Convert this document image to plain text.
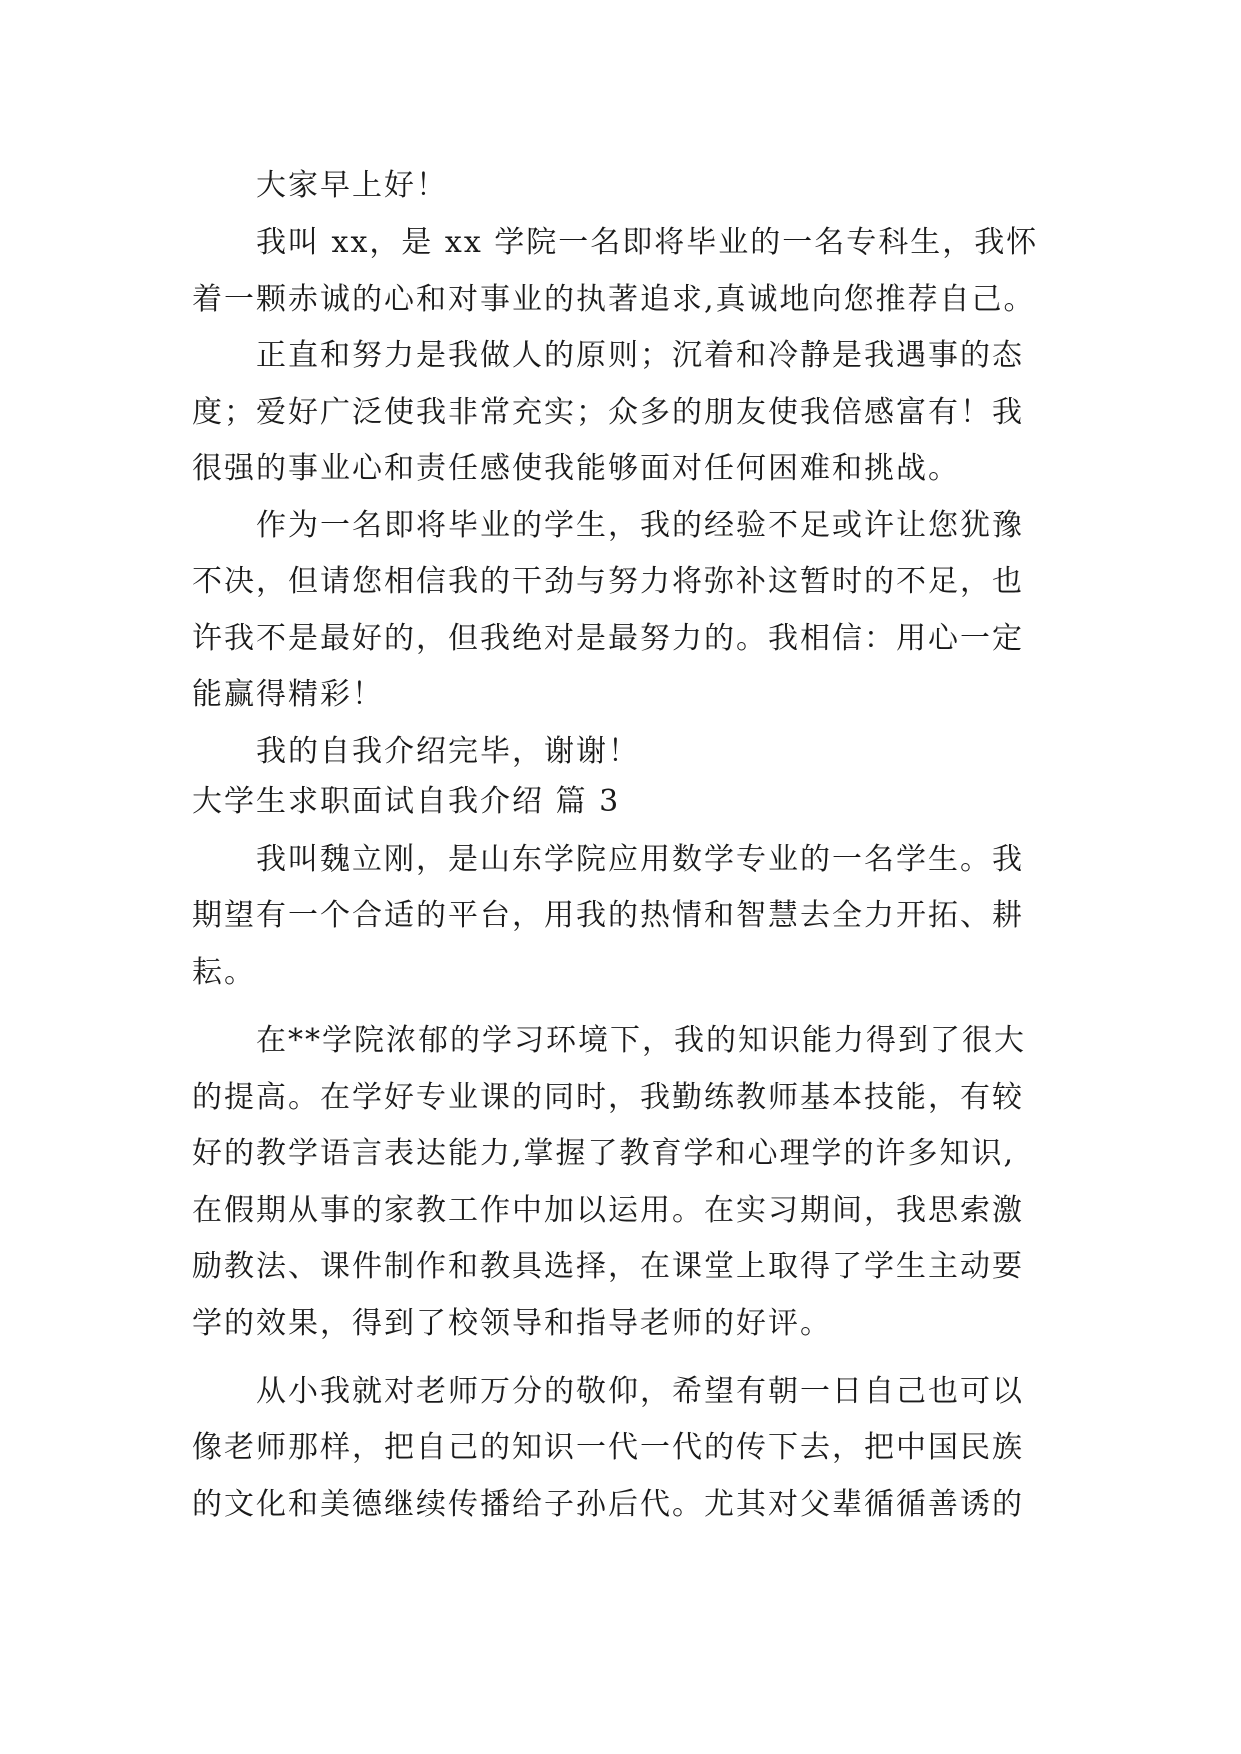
大家早上好！
我叫 xx，是 xx 学院一名即将毕业的一名专科生，我怀
着一颗赤诚的心和对事业的执著追求,真诚地向您推荐自己。
正直和努力是我做人的原则；沉着和冷静是我遇事的态
度；爱好广泛使我非常充实；众多的朋友使我倍感富有！我
很强的事业心和责任感使我能够面对任何困难和挑战。
作为一名即将毕业的学生，我的经验不足或许让您犹豫
不决，但请您相信我的干劲与努力将弥补这暂时的不足，也
许我不是最好的，但我绝对是最努力的。我相信：用心一定
能赢得精彩！
我的自我介绍完毕，谢谢！
大学生求职面试自我介绍 篇 3
我叫魏立刚，是山东学院应用数学专业的一名学生。我
期望有一个合适的平台，用我的热情和智慧去全力开拓、耕
耘。
在**学院浓郁的学习环境下，我的知识能力得到了很大
的提高。在学好专业课的同时，我勤练教师基本技能，有较
好的教学语言表达能力,掌握了教育学和心理学的许多知识,
在假期从事的家教工作中加以运用。在实习期间，我思索激
励教法、课件制作和教具选择，在课堂上取得了学生主动要
学的效果，得到了校领导和指导老师的好评。
从小我就对老师万分的敬仰，希望有朝一日自己也可以
像老师那样，把自己的知识一代一代的传下去，把中国民族
的文化和美德继续传播给子孙后代。尤其对父辈循循善诱的
